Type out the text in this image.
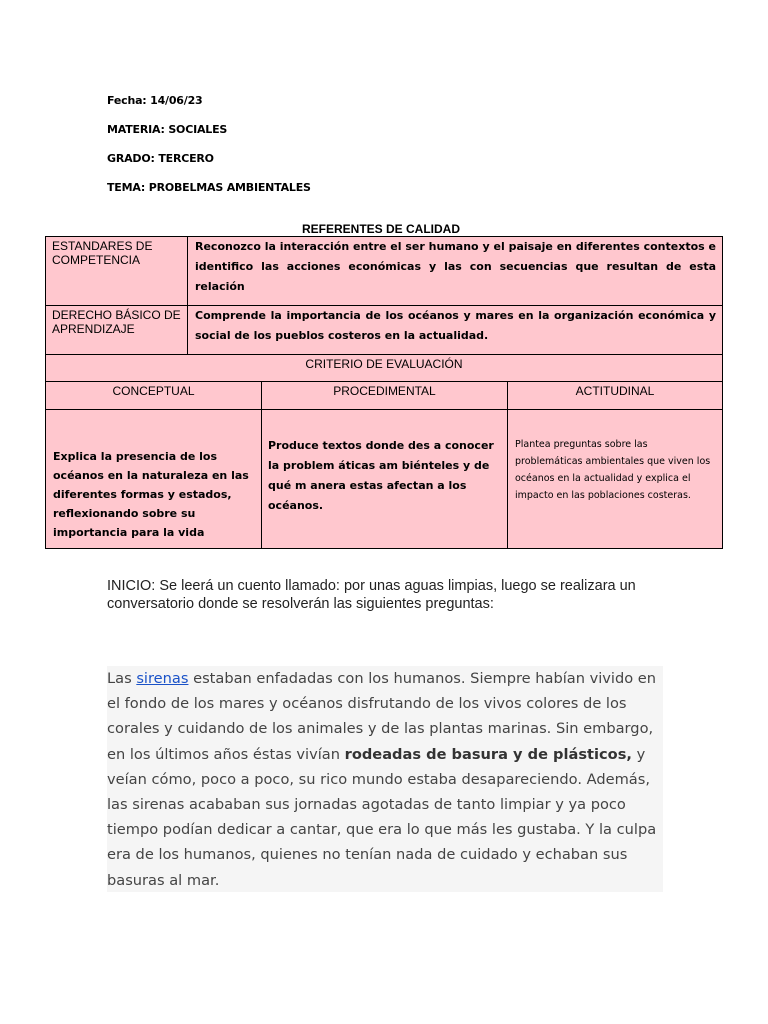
Fecha: 14/06/23
MATERIA: SOCIALES
GRADO: TERCERO
TEMA: PROBELMAS AMBIENTALES
REFERENTES DE CALIDAD
ESTANDARES DE COMPETENCIA
Reconozco la interacción entre el ser humano y el paisaje en diferentes contextos e identifico las acciones económicas y las con secuencias que resultan de esta relación
DERECHO BÁSICO DE APRENDIZAJE
Comprende la importancia de los océanos y mares en la organización económica y social de los pueblos costeros en la actualidad.
CRITERIO DE EVALUACIÓN
CONCEPTUAL	PROCEDIMENTAL	ACTITUDINAL
Explica la presencia de los océanos en la naturaleza en las diferentes formas y estados, reflexionando sobre su importancia para la vida
Produce textos donde des a conocer la problem áticas am biénteles y de qué m anera estas afectan a los océanos.
Plantea preguntas sobre las problemáticas ambientales que viven los océanos en la actualidad y explica el impacto en las poblaciones costeras.
INICIO: Se leerá un cuento llamado: por unas aguas limpias, luego se realizara un conversatorio donde se resolverán las siguientes preguntas:

Las sirenas estaban enfadadas con los humanos. Siempre habían vivido en el fondo de los mares y océanos disfrutando de los vivos colores de los corales y cuidando de los animales y de las plantas marinas. Sin embargo, en los últimos años éstas vivían rodeadas de basura y de plásticos, y veían cómo, poco a poco, su rico mundo estaba desapareciendo. Además, las sirenas acababan sus jornadas agotadas de tanto limpiar y ya poco tiempo podían dedicar a cantar, que era lo que más les gustaba. Y la culpa era de los humanos, quienes no tenían nada de cuidado y echaban sus basuras al mar.
